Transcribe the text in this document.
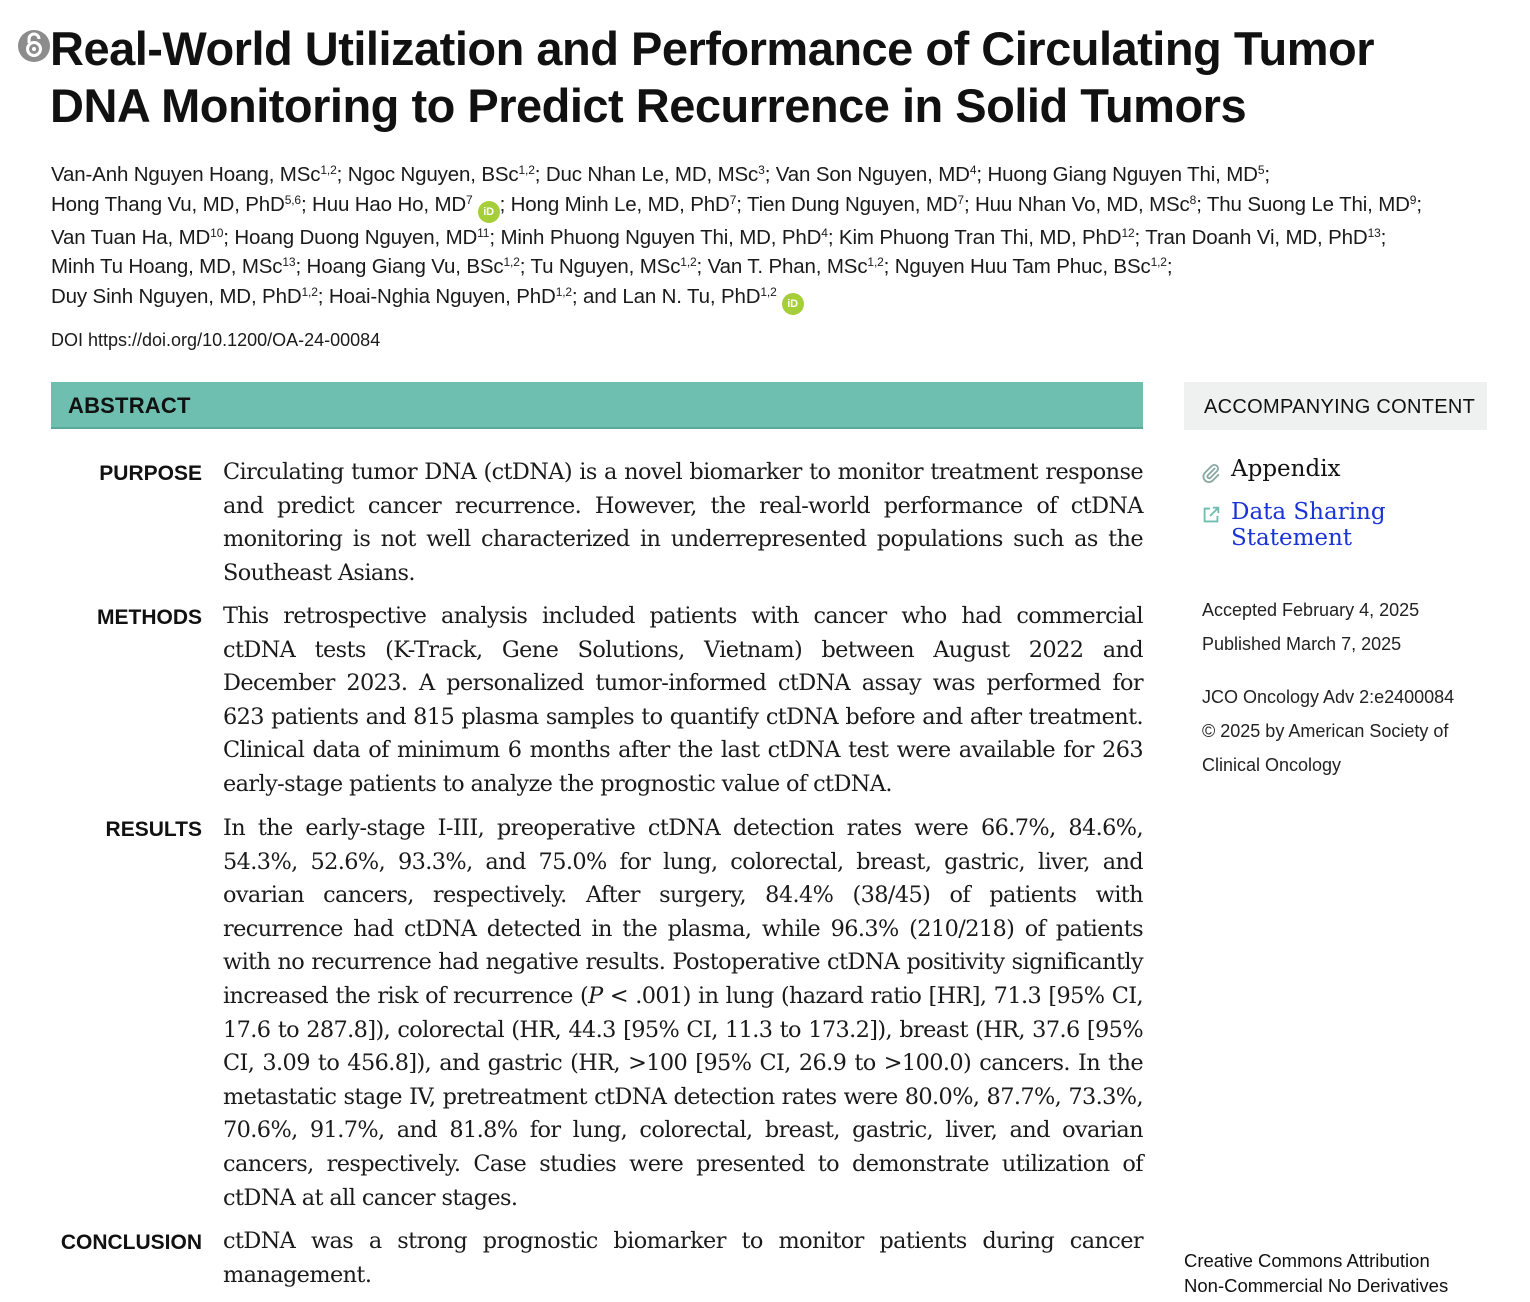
Real-World Utilization and Performance of Circulating Tumor
DNA Monitoring to Predict Recurrence in Solid Tumors
Van-Anh Nguyen Hoang, MSc$^{1,2}$; Ngoc Nguyen, BSc$^{1,2}$; Duc Nhan Le, MD, MSc$^3$; Van Son Nguyen, $MD^4$; Huong Giang Nguyen Thi, $MD^5$;
Hong Thang Vu, MD, PhD$^{5,6}$; Huu Hao Ho, $MD^7iD$ ; Hong Minh Le, MD, PhD$^7$; Tien Dung Nguyen, $MD^7$; Huu Nhan Vo, MD, MSc$^8$; Thu Suong Le Thi, $MD^9$;
Van Tuan Ha, MD$^{10}$; Hoang Duong Nguyen, MD$^{11}$; Minh Phuong Nguyen Thi, MD, PhD$^4$; Kim Phuong Tran Thi, MD, PhD$^{12}$; Tran Doanh Vi, MD, PhD$^{13}$;
Minh Tu Hoang, MD, MSc$^{13}$; Hoang Giang Vu, BSc$^{1,2}$; Tu Nguyen, MSc$^{1,2}$; Van T. Phan, MSc$^{1,2}$; Nguyen Huu Tam Phuc, BSc$^{1,2}$;
Duy Sinh Nguyen, MD, PhD$^{1,2}$; Hoai-Nghia Nguyen, PhD$^{1,2}$; and Lan N. Tu, PhD$^{1,2}$iD
DOI https://doi.org/10.1200/OA-24-00084
ABSTRACT
PURPOSE Circulating tumor DNA (ctDNA) is a novel biomarker to monitor treatment response and predict cancer recurrence. However, the real-world performance of ctDNA monitoring is not well characterized in underrepresented populations such as the Southeast Asians.

METHODS This retrospective analysis included patients with cancer who had commercial ctDNA tests (K-Track, Gene Solutions, Vietnam) between August 2022 and December 2023. A personalized tumor-informed ctDNA assay was performed for 623 patients and 815 plasma samples to quantify ctDNA before and after treatment. Clinical data of minimum 6 months after the last ctDNA test were available for 263 early-stage patients to analyze the prognostic value of ctDNA.

RESULTS In the early-stage I-III, preoperative ctDNA detection rates were 66.7%, 84.6%, 54.3%, 52.6%, 93.3%, and 75.0% for lung, colorectal, breast, gastric, liver, and ovarian cancers, respectively. After surgery, 84.4% (38/45) of patients with recurrence had ctDNA detected in the plasma, while 96.3% (210/218) of patients with no recurrence had negative results. Postoperative ctDNA positivity significantly increased the risk of recurrence (P < .001) in lung (hazard ratio [HR], 71.3 [95% CI, 17.6 to 287.8]), colorectal (HR, 44.3 [95% CI, 11.3 to 173.2]), breast (HR, 37.6 [95% CI, 3.09 to 456.8]), and gastric (HR, >100 [95% CI, 26.9 to >100.0) cancers. In the metastatic stage IV, pretreatment ctDNA detection rates were 80.0%, 87.7%, 73.3%, 70.6%, 91.7%, and 81.8% for lung, colorectal, breast, gastric, liver, and ovarian cancers, respectively. Case studies were presented to demonstrate utilization of ctDNA at all cancer stages.

CONCLUSION ctDNA was a strong prognostic biomarker to monitor patients during cancer management.

ACCOMPANYING CONTENT
Appendix
Data Sharing Statement
Accepted February 4, 2025
Published March 7, 2025
JCO Oncology Adv 2:e2400084
© 2025 by American Society of Clinical Oncology
Creative Commons Attribution
Non-Commercial No Derivatives
